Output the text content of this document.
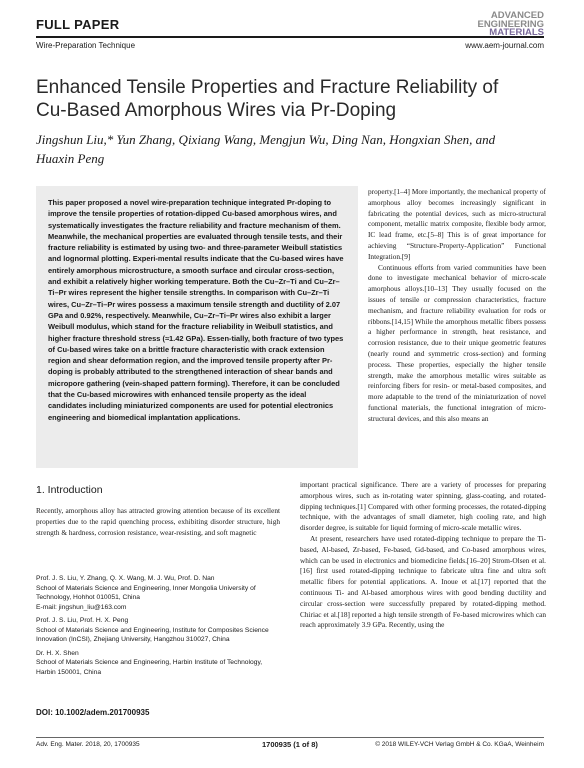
FULL PAPER
Wire-Preparation Technique	www.aem-journal.com
ADVANCED
ENGINEERING
MATERIALS
Enhanced Tensile Properties and Fracture Reliability of Cu-Based Amorphous Wires via Pr-Doping
Jingshun Liu,* Yun Zhang, Qixiang Wang, Mengjun Wu, Ding Nan, Hongxian Shen, and Huaxin Peng
This paper proposed a novel wire-preparation technique integrated Pr-doping to improve the tensile properties of rotation-dipped Cu-based amorphous wires, and systematically investigates the fracture reliability and fracture mechanism of them. Meanwhile, the mechanical properties are evaluated through tensile tests, and their fracture reliability is estimated by using two- and three-parameter Weibull statistics and lognormal plotting. Experi-mental results indicate that the Cu-based wires have entirely amorphous microstructure, a smooth surface and circular cross-section, and exhibit a relatively higher working temperature. Both the Cu–Zr–Ti and Cu–Zr–Ti–Pr wires represent the higher tensile strengths. In comparison with Cu–Zr–Ti wires, Cu–Zr–Ti–Pr wires possess a maximum tensile strength and ductility of 2.07 GPa and 0.92%, respectively. Meanwhile, Cu–Zr–Ti–Pr wires also exhibit a larger Weibull modulus, which stand for the fracture reliability in Weibull statistics, and higher fracture threshold stress (≈1.42 GPa). Essen-tially, both fracture of two types of Cu-based wires take on a brittle fracture characteristic with crack extension region and shear deformation region, and the improved tensile property after Pr-doping is probably attributed to the strengthened interaction of shear bands and micropore gathering (vein-shaped pattern forming). Therefore, it can be concluded that the Cu-based microwires with enhanced tensile property as the ideal candidates including miniaturized components are used for potential electronics engineering and biomedical implantation applications.
property.[1–4] More importantly, the mechanical property of amorphous alloy becomes increasingly significant in fabricating the potential devices, such as micro-structural component, metallic matrix composite, flexible body armor, IC lead frame, etc.[5–8] This is of great importance for achieving “Structure-Property-Application” Functional Integration.[9]
Continuous efforts from varied communities have been done to investigate mechanical behavior of micro-scale amorphous alloys.[10–13] They usually focused on the issues of tensile or compression characteristics, fracture mechanism, and fracture reliability evaluation for rods or ribbons.[14,15] While the amorphous metallic fibers possess a higher performance in strength, heat resistance, and corrosion resistance, due to their unique geometric features (nearly round and symmetric cross-section) and forming process. These properties, especially the higher tensile strength, make the amorphous metallic wires suitable as reinforcing fibers for resin- or metal-based composites, and more adaptable to the trend of the miniaturization of novel functional materials, the functional integration of micro-structural devices, and this also means an
1. Introduction
Recently, amorphous alloy has attracted growing attention because of its excellent properties due to the rapid quenching process, exhibiting disorder structure, high strength & hardness, corrosion resistance, wear-resisting, and soft magnetic

Prof. J. S. Liu, Y. Zhang, Q. X. Wang, M. J. Wu, Prof. D. Nan
School of Materials Science and Engineering, Inner Mongolia University of Technology, Hohhot 010051, China
E-mail: jingshun_liu@163.com

Prof. J. S. Liu, Prof. H. X. Peng
School of Materials Science and Engineering, Institute for Composites Science Innovation (InCSI), Zhejiang University, Hangzhou 310027, China

Dr. H. X. Shen
School of Materials Science and Engineering, Harbin Institute of Technology, Harbin 150001, China

DOI: 10.1002/adem.201700935
important practical significance. There are a variety of processes for preparing amorphous wires, such as in-rotating water spinning, glass-coating, and rotated-dipping techniques.[1] Compared with other forming processes, the rotated-dipping technique, with the advantages of small diameter, high cooling rate, and high disorder degree, is suitable for liquid forming of micro-scale metallic wires.
At present, researchers have used rotated-dipping technique to prepare the Ti-based, Al-based, Zr-based, Fe-based, Gd-based, and Co-based amorphous wires, which can be used in electronics and biomedicine fields.[16–20] Strom-Olsen et al.[16] first used rotated-dipping technique to fabricate ultra fine and ultra soft metallic fibers for potential applications. A. Inoue et al.[17] reported that the continuous Ti- and Al-based amorphous wires with good bending ductility and circular cross-section were successfully prepared by rotated-dipping method. Chiriac et al.[18] reported a high tensile strength of Fe-based microwires which can reach approximately 3.9 GPa. Recently, using the
Adv. Eng. Mater. 2018, 20, 1700935	1700935 (1 of 8)	© 2018 WILEY-VCH Verlag GmbH & Co. KGaA, Weinheim
